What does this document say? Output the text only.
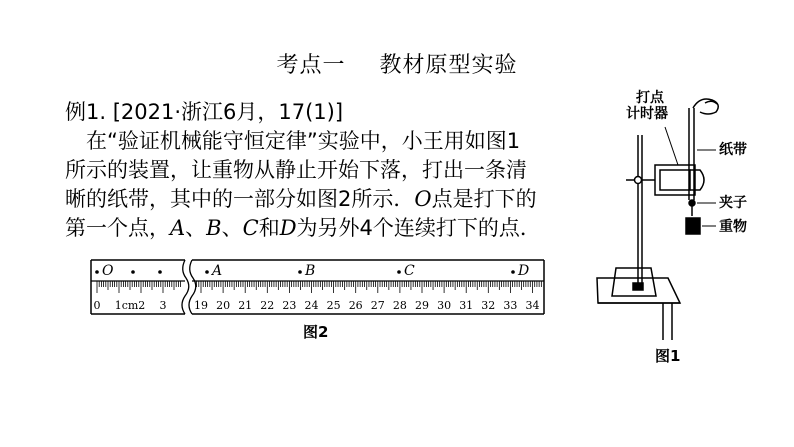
考点一 教材原型实验

例1. [2021·浙江6月，17(1)]

在“验证机械能守恒定律”实验中，小王用如图1

所示的装置，让重物从静止开始下落，打出一条清

晰的纸带，其中的一部分如图2所示．O点是打下的

第一个点，A、B、C和D为另外4个连续打下的点．

O	A	B	C	D
0 1cm2 3	19 20 21 22 23 24 25 26 27 28 29 30 31 32 33 34
图2
打点
计时器
纸带
夹子
重物
图1
